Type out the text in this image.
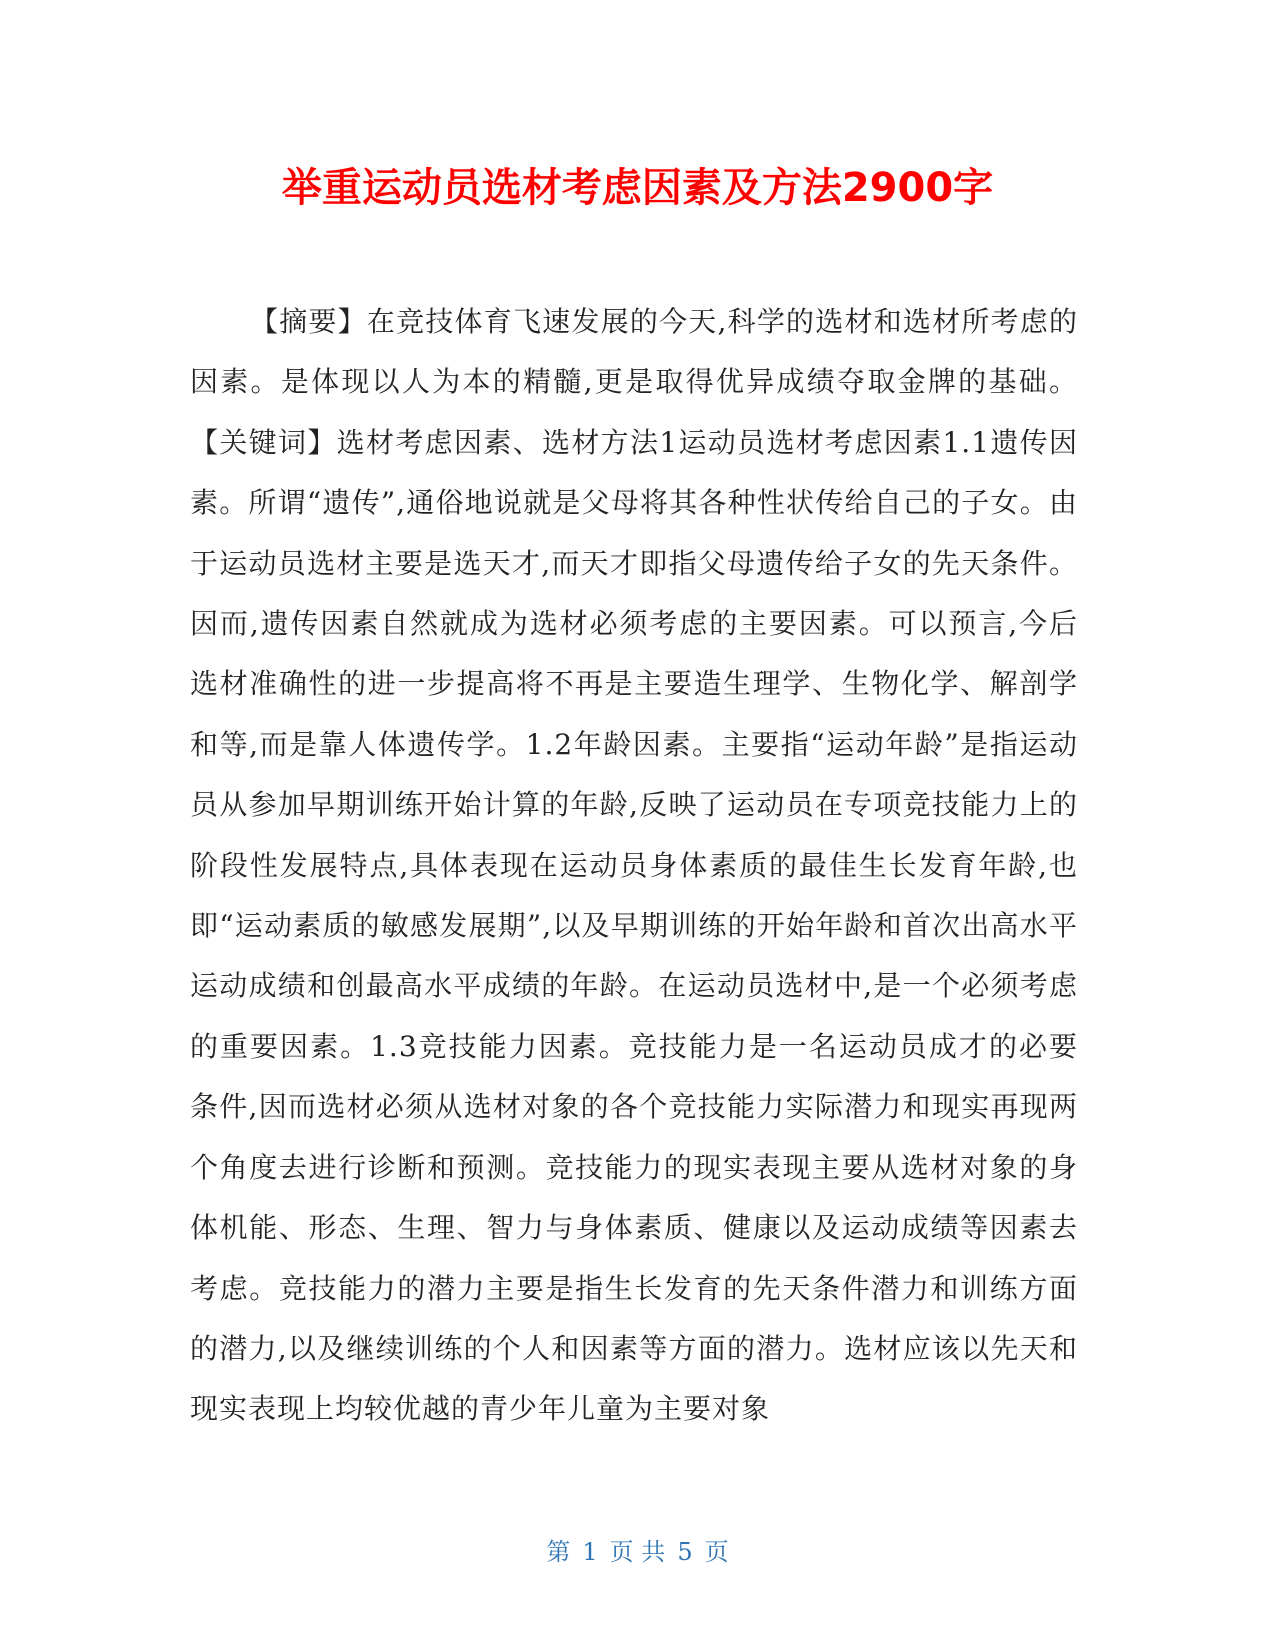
举重运动员选材考虑因素及方法2900字

【摘要】在竞技体育飞速发展的今天,科学的选材和选材所考虑的因素。是体现以人为本的精髓,更是取得优异成绩夺取金牌的基础。【关键词】选材考虑因素、选材方法1运动员选材考虑因素1.1遗传因素。所谓“遗传”,通俗地说就是父母将其各种性状传给自己的子女。由于运动员选材主要是选天才,而天才即指父母遗传给子女的先天条件。因而,遗传因素自然就成为选材必须考虑的主要因素。可以预言,今后选材准确性的进一步提高将不再是主要造生理学、生物化学、解剖学和等,而是靠人体遗传学。1.2年龄因素。主要指“运动年龄”是指运动员从参加早期训练开始计算的年龄,反映了运动员在专项竞技能力上的阶段性发展特点,具体表现在运动员身体素质的最佳生长发育年龄,也即“运动素质的敏感发展期”,以及早期训练的开始年龄和首次出高水平运动成绩和创最高水平成绩的年龄。在运动员选材中,是一个必须考虑的重要因素。1.3竞技能力因素。竞技能力是一名运动员成才的必要条件,因而选材必须从选材对象的各个竞技能力实际潜力和现实再现两个角度去进行诊断和预测。竞技能力的现实表现主要从选材对象的身体机能、形态、生理、智力与身体素质、健康以及运动成绩等因素去考虑。竞技能力的潜力主要是指生长发育的先天条件潜力和训练方面的潜力,以及继续训练的个人和因素等方面的潜力。选材应该以先天和现实表现上均较优越的青少年儿童为主要对象

第 1 页 共 5 页
